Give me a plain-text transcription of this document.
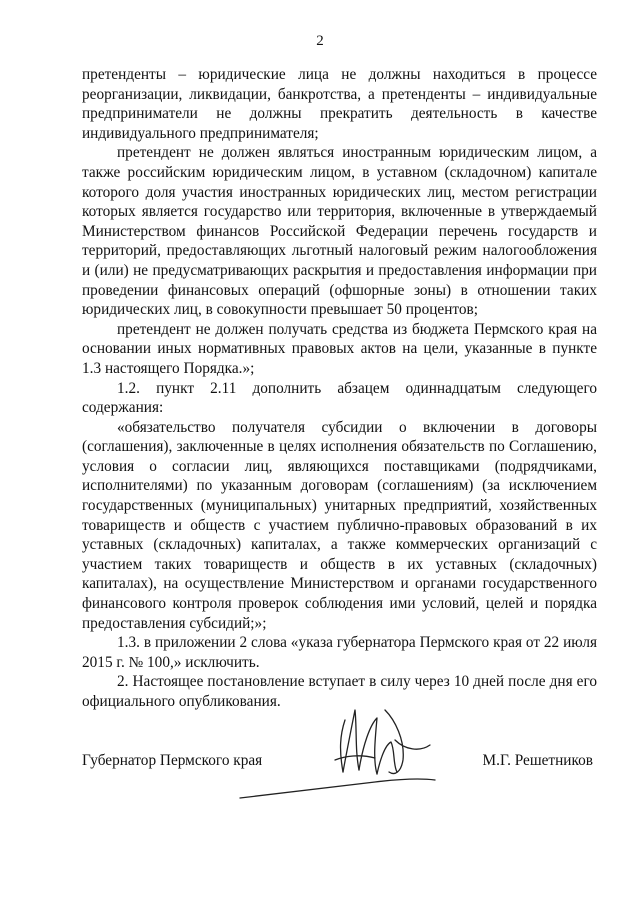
2

претенденты – юридические лица не должны находиться в процессе реорганизации, ликвидации, банкротства, а претенденты – индивидуальные предприниматели не должны прекратить деятельность в качестве индивидуального предпринимателя;

претендент не должен являться иностранным юридическим лицом, а также российским юридическим лицом, в уставном (складочном) капитале которого доля участия иностранных юридических лиц, местом регистрации которых является государство или территория, включенные в утверждаемый Министерством финансов Российской Федерации перечень государств и территорий, предоставляющих льготный налоговый режим налогообложения и (или) не предусматривающих раскрытия и предоставления информации при проведении финансовых операций (офшорные зоны) в отношении таких юридических лиц, в совокупности превышает 50 процентов;

претендент не должен получать средства из бюджета Пермского края на основании иных нормативных правовых актов на цели, указанные в пункте 1.3 настоящего Порядка.»;

1.2. пункт 2.11 дополнить абзацем одиннадцатым следующего содержания:

«обязательство получателя субсидии о включении в договоры (соглашения), заключенные в целях исполнения обязательств по Соглашению, условия о согласии лиц, являющихся поставщиками (подрядчиками, исполнителями) по указанным договорам (соглашениям) (за исключением государственных (муниципальных) унитарных предприятий, хозяйственных товариществ и обществ с участием публично-правовых образований в их уставных (складочных) капиталах, а также коммерческих организаций с участием таких товариществ и обществ в их уставных (складочных) капиталах), на осуществление Министерством и органами государственного финансового контроля проверок соблюдения ими условий, целей и порядка предоставления субсидий;»;

1.3. в приложении 2 слова «указа губернатора Пермского края от 22 июля 2015 г. № 100,» исключить.

2. Настоящее постановление вступает в силу через 10 дней после дня его официального опубликования.

Губернатор Пермского края	М.Г. Решетников
